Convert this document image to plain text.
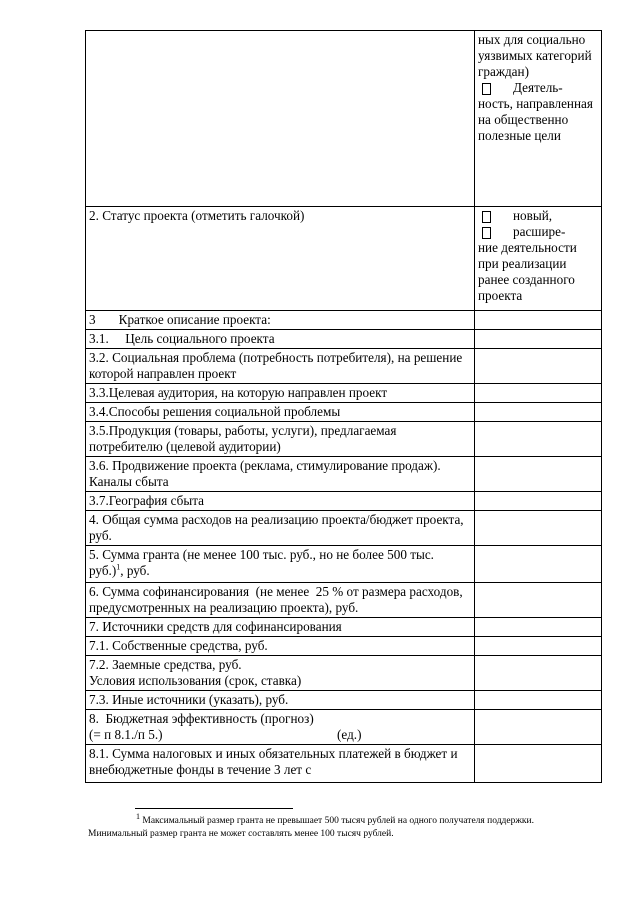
	ных для социально уязвимых категорий граждан)
Деятель-
ность, направленная на общественно полезные цели
2. Статус проекта (отметить галочкой)	новый,
расшире-
ние деятельности при реализации ранее созданного проекта
3       Краткое описание проекта:	
3.1.     Цель социального проекта	
3.2. Социальная проблема (потребность потребителя), на решение которой направлен проект	
3.3.Целевая аудитория, на которую направлен проект	
3.4.Способы решения социальной проблемы	
3.5.Продукция (товары, работы, услуги), предлагаемая потребителю (целевой аудитории)	
3.6. Продвижение проекта (реклама, стимулирование продаж). Каналы сбыта	
3.7.География сбыта	
4. Общая сумма расходов на реализацию проекта/бюджет проекта, руб.	
5. Сумма гранта (не менее 100 тыс. руб., но не более 500 тыс. руб.)$^1$, руб.	
6. Сумма софинансирования  (не менее  25 % от размера расходов, предусмотренных на реализацию проекта), руб.	
7. Источники средств для софинансирования	
7.1. Собственные средства, руб.	

7.2. Заемные средства, руб.
Условия использования (срок, ставка)	

7.3. Иные источники (указать), руб.	

8.  Бюджетная эффективность (прогноз)
(= п 8.1./п 5.) (ед.)	
8.1. Сумма налоговых и иных обязательных платежей в бюджет и внебюджетные фонды в течение 3 лет с	
$^1$ Максимальный размер гранта не превышает 500 тысяч рублей на одного получателя поддержки.
Минимальный размер гранта не может составлять менее 100 тысяч рублей.
